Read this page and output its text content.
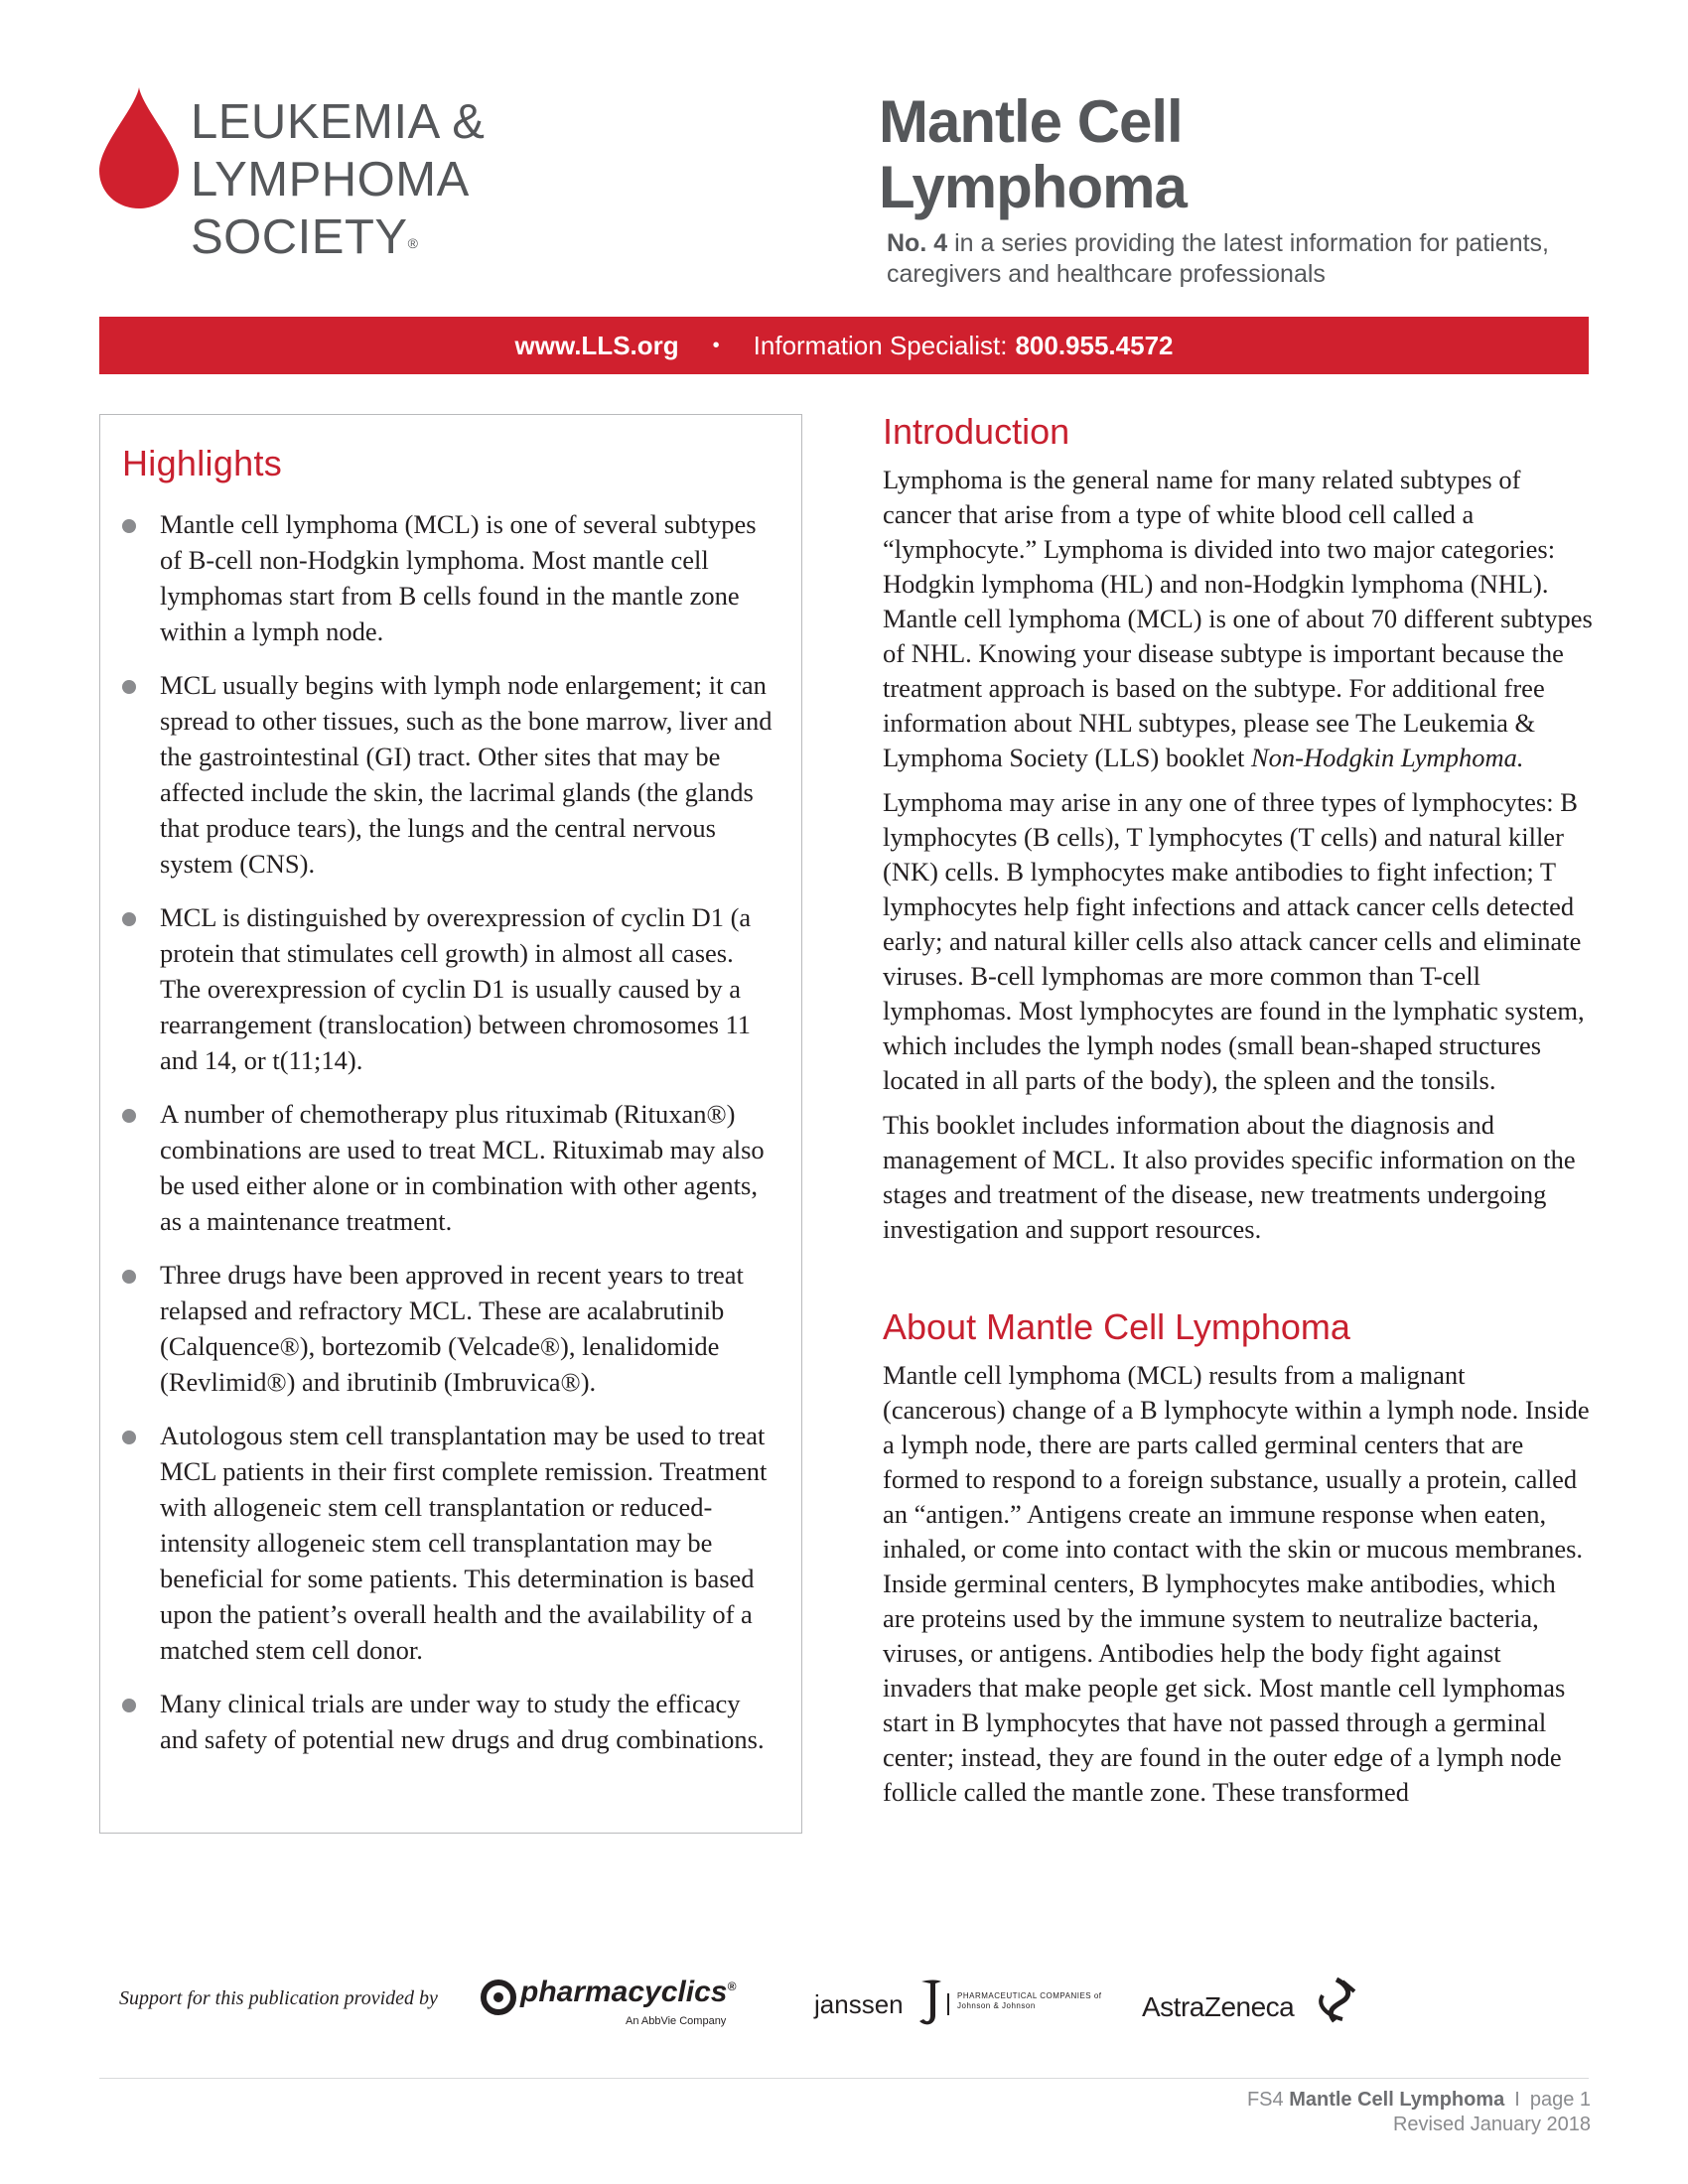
LEUKEMIA &
LYMPHOMA
SOCIETY®
Mantle Cell
Lymphoma
No. 4 in a series providing the latest information for patients, caregivers and healthcare professionals
www.LLS.org • Information Specialist: 800.955.4572
Highlights
Mantle cell lymphoma (MCL) is one of several subtypes of B-cell non-Hodgkin lymphoma. Most mantle cell lymphomas start from B cells found in the mantle zone within a lymph node.
MCL usually begins with lymph node enlargement; it can spread to other tissues, such as the bone marrow, liver and the gastrointestinal (GI) tract. Other sites that may be affected include the skin, the lacrimal glands (the glands that produce tears), the lungs and the central nervous system (CNS).
MCL is distinguished by overexpression of cyclin D1 (a protein that stimulates cell growth) in almost all cases. The overexpression of cyclin D1 is usually caused by a rearrangement (translocation) between chromosomes 11 and 14, or t(11;14).
A number of chemotherapy plus rituximab (Rituxan®) combinations are used to treat MCL. Rituximab may also be used either alone or in combination with other agents, as a maintenance treatment.
Three drugs have been approved in recent years to treat relapsed and refractory MCL. These are acalabrutinib (Calquence®), bortezomib (Velcade®), lenalidomide (Revlimid®) and ibrutinib (Imbruvica®).
Autologous stem cell transplantation may be used to treat MCL patients in their first complete remission. Treatment with allogeneic stem cell transplantation or reduced-intensity allogeneic stem cell transplantation may be beneficial for some patients. This determination is based upon the patient’s overall health and the availability of a matched stem cell donor.
Many clinical trials are under way to study the efficacy and safety of potential new drugs and drug combinations.
Introduction

Lymphoma is the general name for many related subtypes of cancer that arise from a type of white blood cell called a “lymphocyte.” Lymphoma is divided into two major categories: Hodgkin lymphoma (HL) and non-Hodgkin lymphoma (NHL). Mantle cell lymphoma (MCL) is one of about 70 different subtypes of NHL. Knowing your disease subtype is important because the treatment approach is based on the subtype. For additional free information about NHL subtypes, please see The Leukemia & Lymphoma Society (LLS) booklet Non-Hodgkin Lymphoma.

Lymphoma may arise in any one of three types of lymphocytes: B lymphocytes (B cells), T lymphocytes (T cells) and natural killer (NK) cells. B lymphocytes make antibodies to fight infection; T lymphocytes help fight infections and attack cancer cells detected early; and natural killer cells also attack cancer cells and eliminate viruses. B-cell lymphomas are more common than T-cell lymphomas. Most lymphocytes are found in the lymphatic system, which includes the lymph nodes (small bean-shaped structures located in all parts of the body), the spleen and the tonsils.

This booklet includes information about the diagnosis and management of MCL. It also provides specific information on the stages and treatment of the disease, new treatments undergoing investigation and support resources.

About Mantle Cell Lymphoma

Mantle cell lymphoma (MCL) results from a malignant (cancerous) change of a B lymphocyte within a lymph node. Inside a lymph node, there are parts called germinal centers that are formed to respond to a foreign substance, usually a protein, called an “antigen.” Antigens create an immune response when eaten, inhaled, or come into contact with the skin or mucous membranes. Inside germinal centers, B lymphocytes make antibodies, which are proteins used by the immune system to neutralize bacteria, viruses, or antigens. Antibodies help the body fight against invaders that make people get sick. Most mantle cell lymphomas start in B lymphocytes that have not passed through a germinal center; instead, they are found in the outer edge of a lymph node follicle called the mantle zone. These transformed

Support for this publication provided by	pharmacyclics®
An AbbVie Company
janssen	PHARMACEUTICAL COMPANIES of Johnson & Johnson	AstraZeneca
FS4 Mantle Cell Lymphoma I page 1
Revised January 2018
